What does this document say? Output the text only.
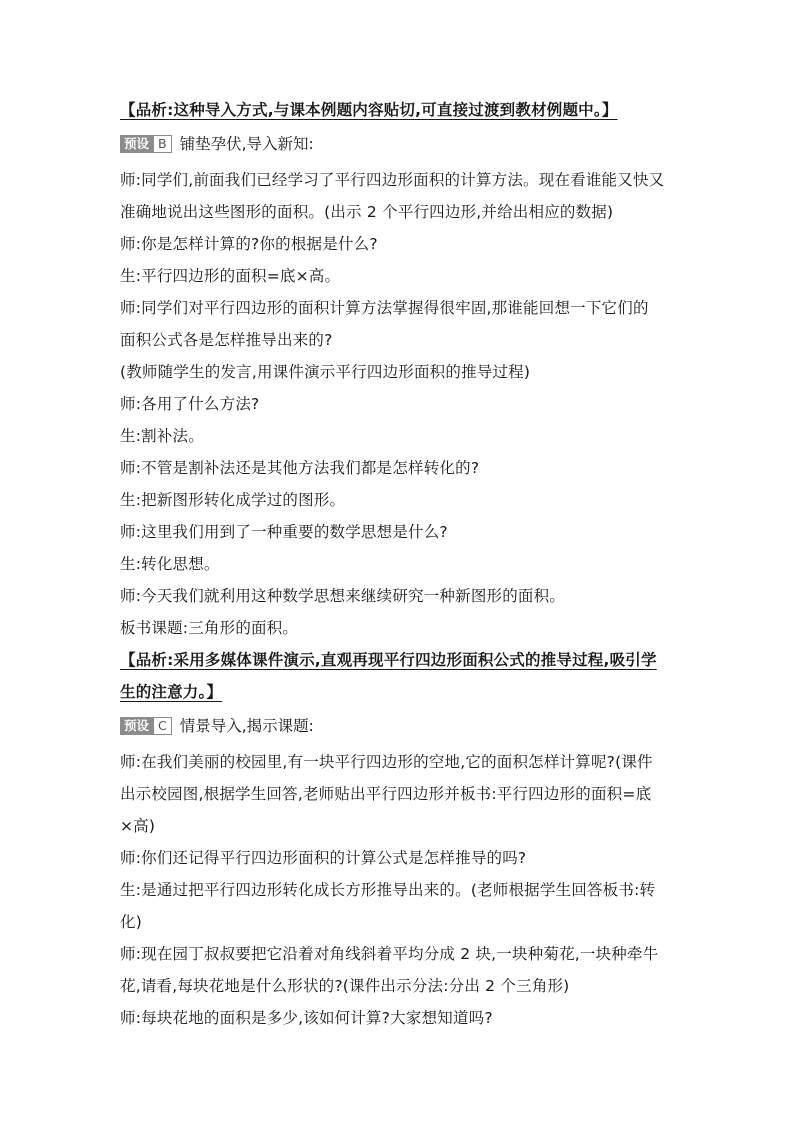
【品析:这种导入方式,与课本例题内容贴切,可直接过渡到教材例题中。】

预设 B 铺垫孕伏,导入新知:

师:同学们,前面我们已经学习了平行四边形面积的计算方法。现在看谁能又快又

准确地说出这些图形的面积。(出示 2 个平行四边形,并给出相应的数据)

师:你是怎样计算的?你的根据是什么?

生:平行四边形的面积=底×高。

师:同学们对平行四边形的面积计算方法掌握得很牢固,那谁能回想一下它们的

面积公式各是怎样推导出来的?

(教师随学生的发言,用课件演示平行四边形面积的推导过程)

师:各用了什么方法?

生:割补法。

师:不管是割补法还是其他方法我们都是怎样转化的?

生:把新图形转化成学过的图形。

师:这里我们用到了一种重要的数学思想是什么?

生:转化思想。

师:今天我们就利用这种数学思想来继续研究一种新图形的面积。

板书课题:三角形的面积。

【品析:采用多媒体课件演示,直观再现平行四边形面积公式的推导过程,吸引学

生的注意力。】

预设 C 情景导入,揭示课题:

师:在我们美丽的校园里,有一块平行四边形的空地,它的面积怎样计算呢?(课件

出示校园图,根据学生回答,老师贴出平行四边形并板书:平行四边形的面积=底

×高)

师:你们还记得平行四边形面积的计算公式是怎样推导的吗?

生:是通过把平行四边形转化成长方形推导出来的。(老师根据学生回答板书:转

化)

师:现在园丁叔叔要把它沿着对角线斜着平均分成 2 块,一块种菊花,一块种牵牛

花,请看,每块花地是什么形状的?(课件出示分法:分出 2 个三角形)

师:每块花地的面积是多少,该如何计算?大家想知道吗?
